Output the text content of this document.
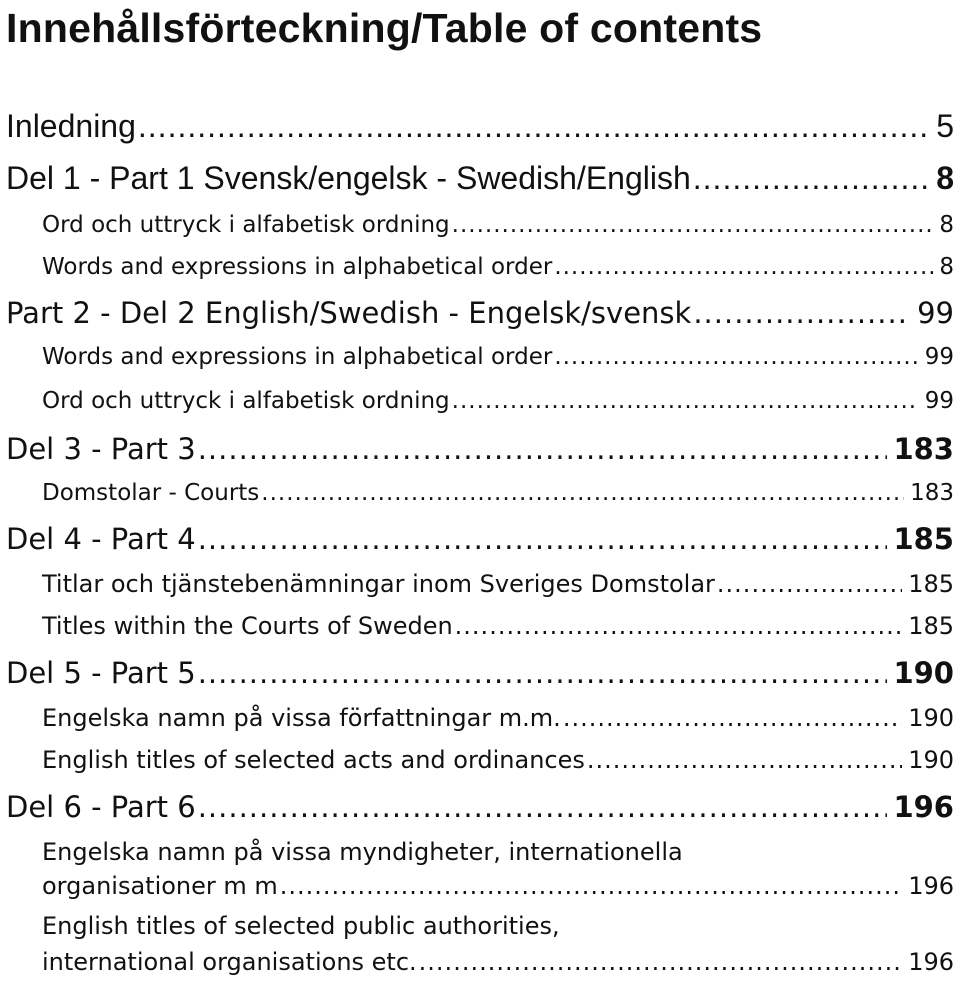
Innehållsförteckning/Table of contents
Inledning .....	5
Del 1 - Part 1 Svensk/engelsk - Swedish/English .....	8
Ord och uttryck i alfabetisk ordning .....	8
Words and expressions in alphabetical order .....	8
Part 2 - Del 2 English/Swedish - Engelsk/svensk .....	99
Words and expressions in alphabetical order .....	99
Ord och uttryck i alfabetisk ordning .....	99
Del 3 - Part 3 .....	183
Domstolar - Courts .....	183
Del 4 - Part 4 .....	185
Titlar och tjänstebenämningar inom Sveriges Domstolar .....	185
Titles within the Courts of Sweden .....	185
Del 5 - Part 5 .....	190
Engelska namn på vissa författningar m.m. .....	190
English titles of selected acts and ordinances .....	190
Del 6 - Part 6 .....	196
Engelska namn på vissa myndigheter, internationella
organisationer m m .....	196
English titles of selected public authorities,
international organisations etc. .....	196
